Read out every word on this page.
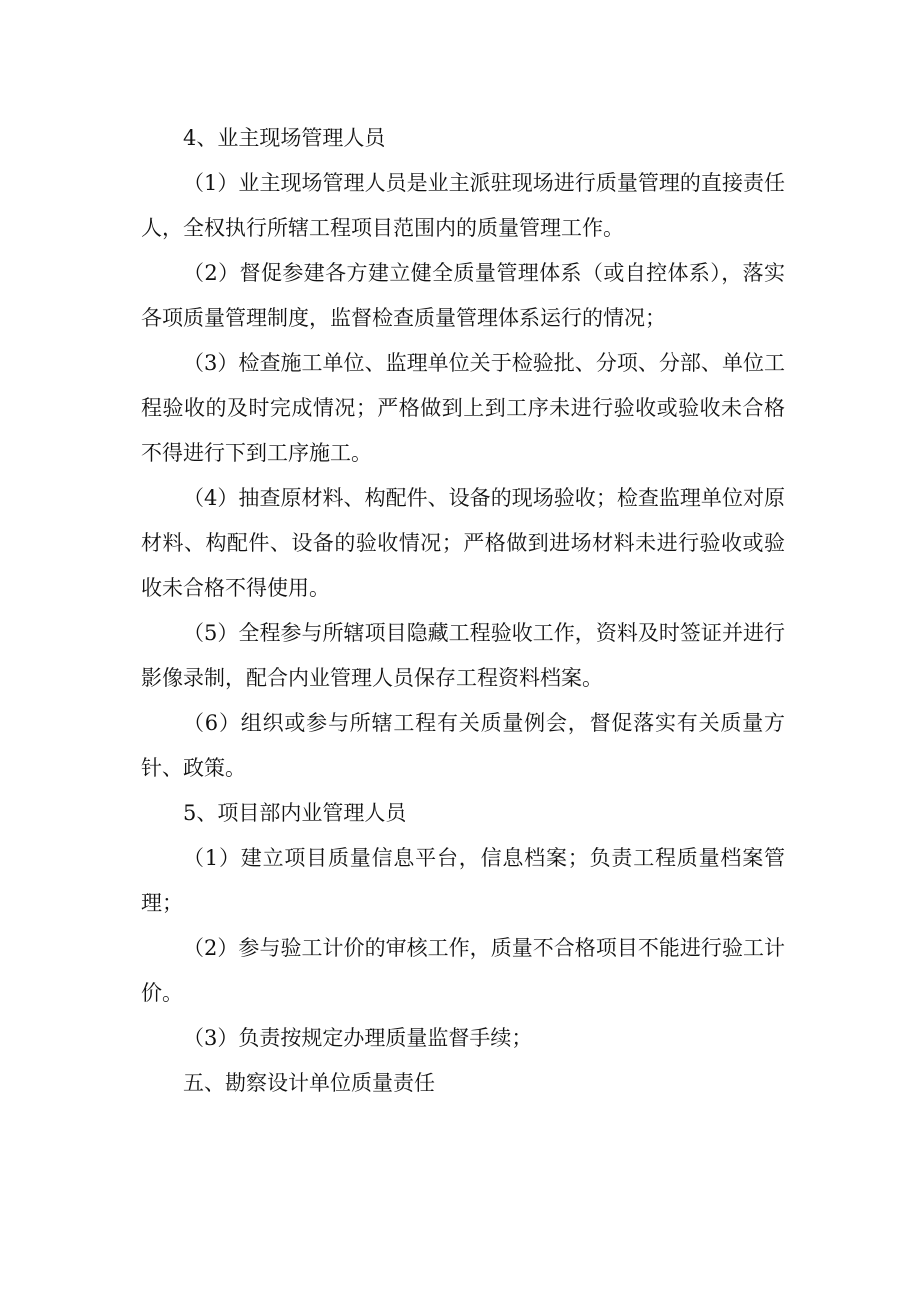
4、业主现场管理人员

（1）业主现场管理人员是业主派驻现场进行质量管理的直接责任人，全权执行所辖工程项目范围内的质量管理工作。

（2）督促参建各方建立健全质量管理体系（或自控体系），落实各项质量管理制度，监督检查质量管理体系运行的情况；

（3）检查施工单位、监理单位关于检验批、分项、分部、单位工程验收的及时完成情况；严格做到上到工序未进行验收或验收未合格不得进行下到工序施工。

（4）抽查原材料、构配件、设备的现场验收；检查监理单位对原材料、构配件、设备的验收情况；严格做到进场材料未进行验收或验收未合格不得使用。

（5）全程参与所辖项目隐藏工程验收工作，资料及时签证并进行影像录制，配合内业管理人员保存工程资料档案。

（6）组织或参与所辖工程有关质量例会，督促落实有关质量方针、政策。

5、项目部内业管理人员

（1）建立项目质量信息平台，信息档案；负责工程质量档案管理；

（2）参与验工计价的审核工作，质量不合格项目不能进行验工计价。

（3）负责按规定办理质量监督手续；

五、勘察设计单位质量责任
